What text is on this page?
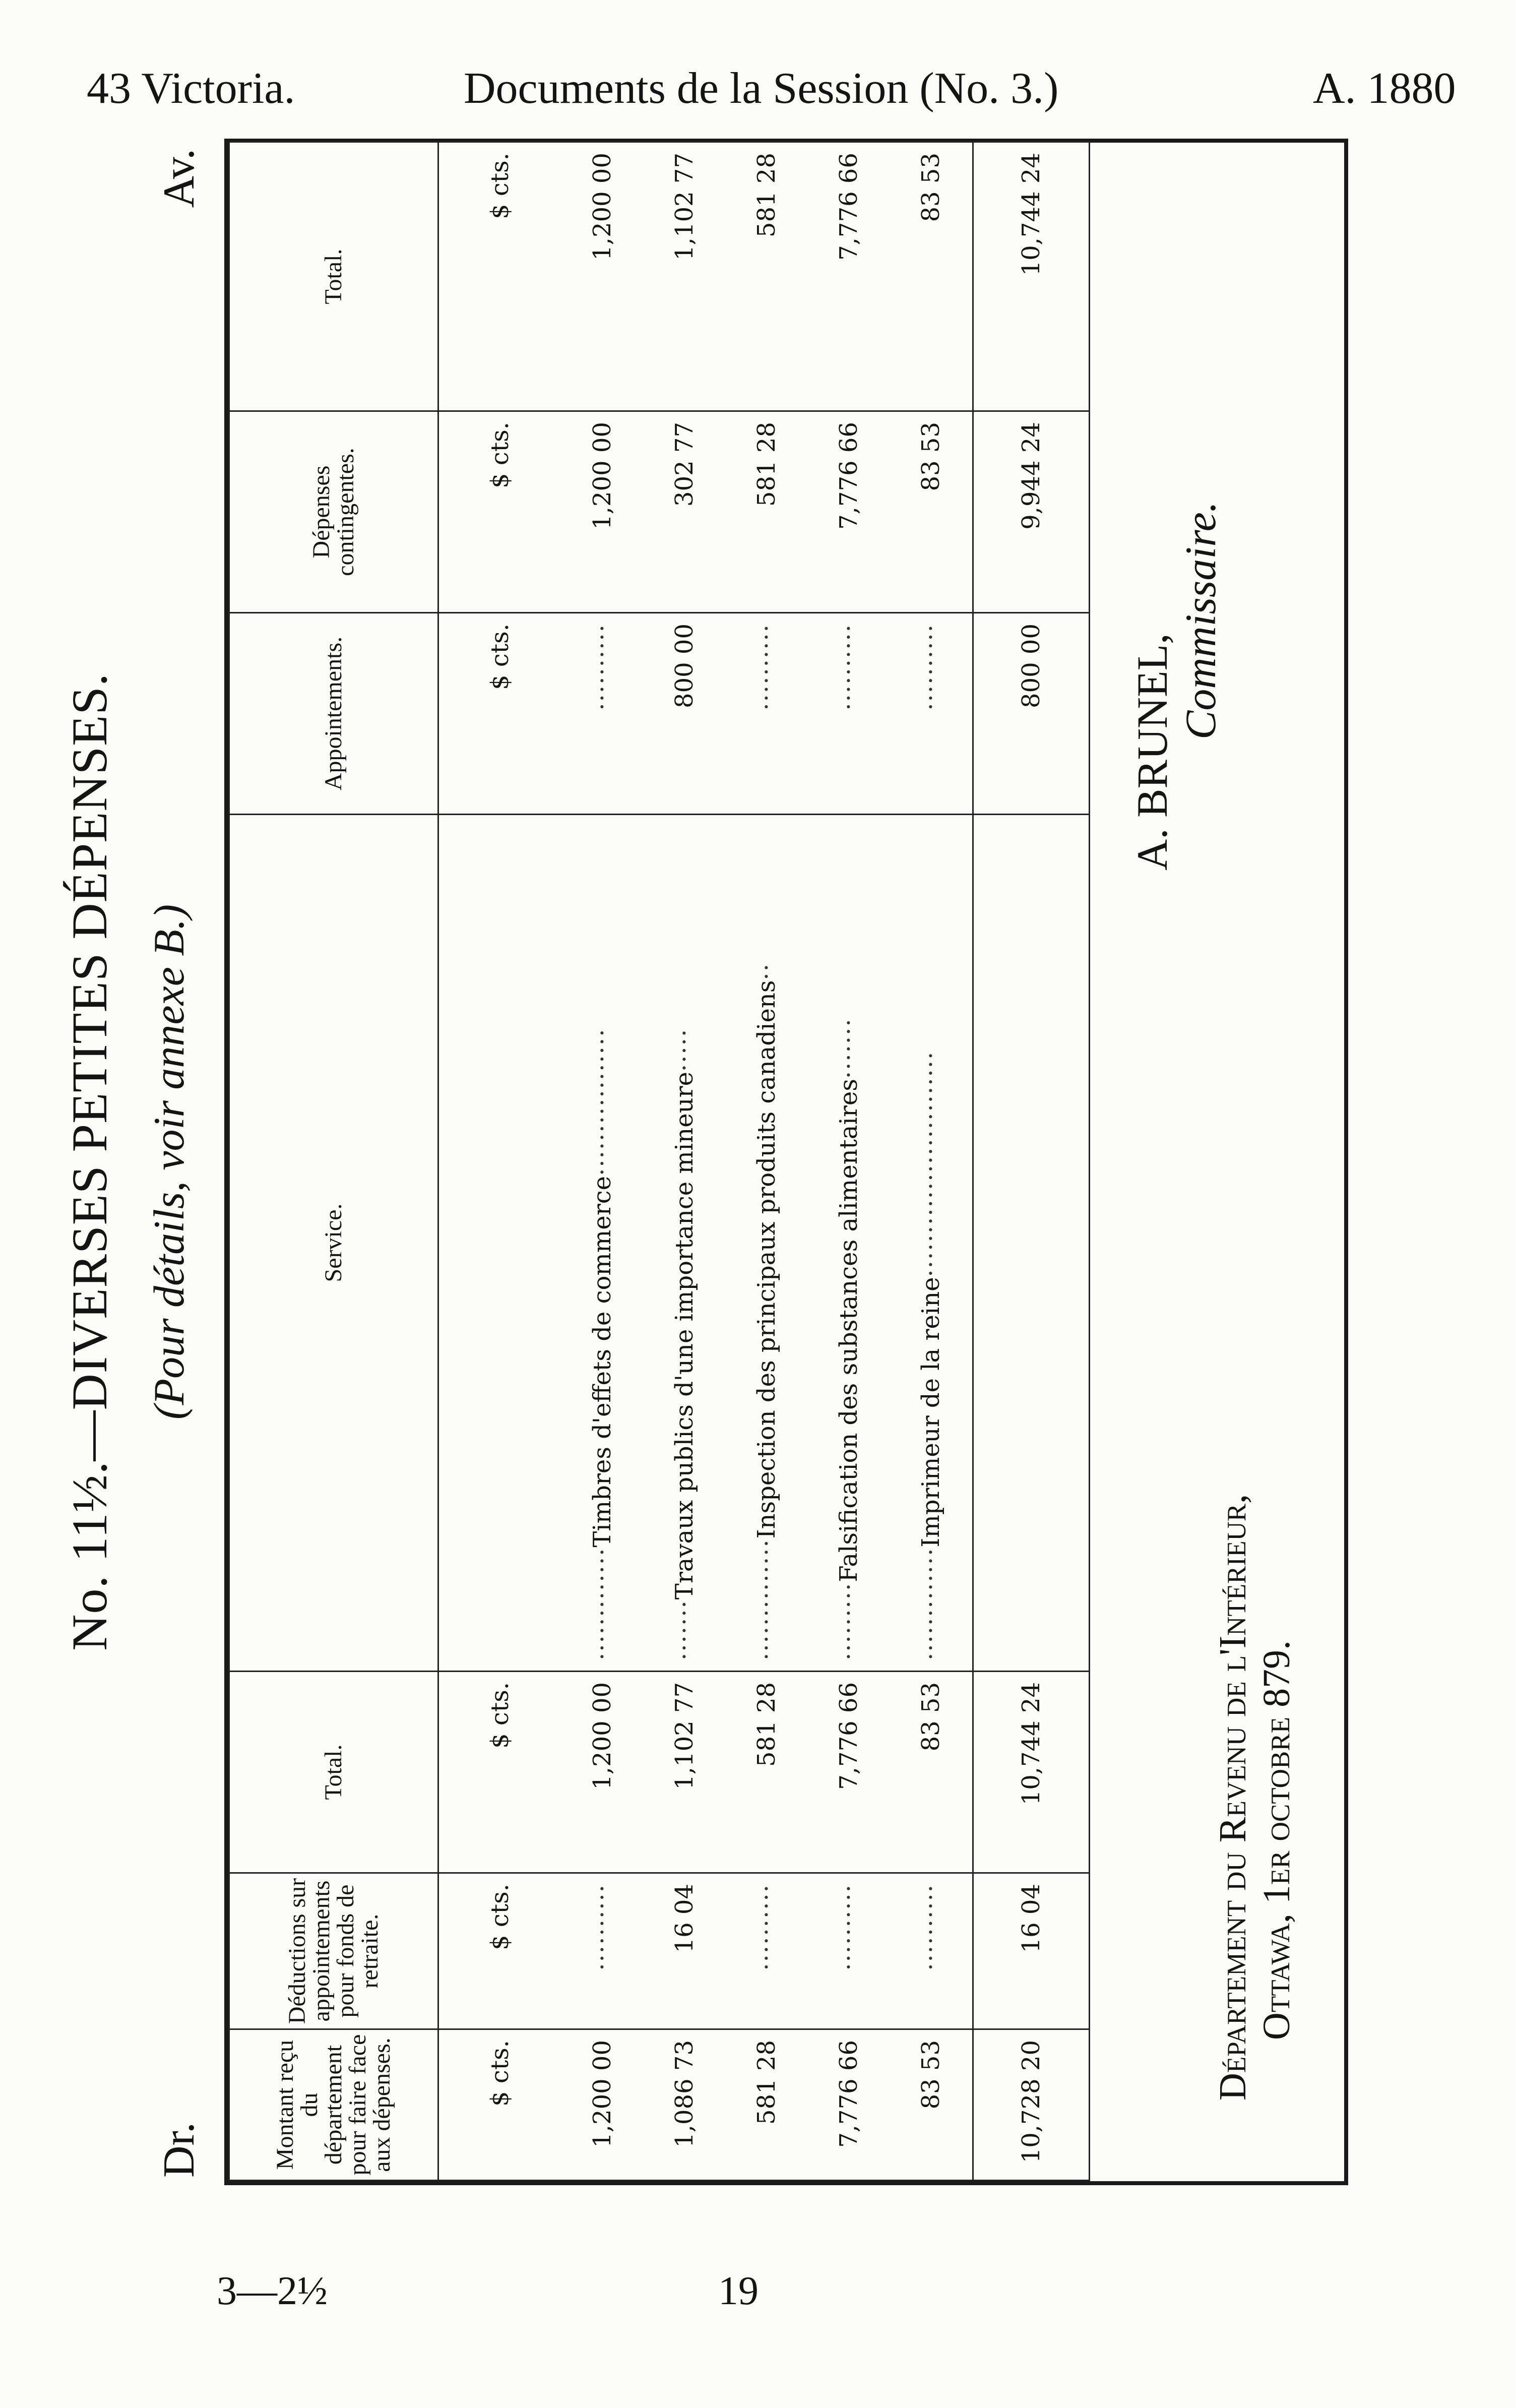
43 Victoria.	Documents de la Session (No. 3.)	A. 1880
No. 11½.—DIVERSES PETITES DÉPENSES. (Pour détails, voir annexe B.)
Dr.
Av.
Montant reçu du département pour faire face aux dépenses.	Déductions sur appointements pour fonds de retraite.	Total.	Service.	Appointements.	Dépenses contingentes.	Total.
$ cts.	$ cts.	$ cts.		$ cts.	$ cts.	$ cts.
1,200 00	··········	1,200 00	·············Timbres d'effets de commerce·················	··········	1,200 00	1,200 00
1,086 73	16 04	1,102 77	·······Travaux publics d'une importance mineure·····	800 00	302 77	1,102 77
581 28	··········	581 28	··············Inspection des principaux produits canadiens··	··········	581 28	581 28
7,776 66	··········	7,776 66	·········Falsification des substances alimentaires·······	··········	7,776 66	7,776 66
83 53	··········	83 53	·············Imprimeur de la reine··························	··········	83 53	83 53
10,728 20	16 04	10,744 24		800 00	9,944 24	10,744 24
A. BRUNEL,
Commissaire.
Département du Revenu de l'Intérieur, Ottawa, 1er octobre 879.
3—2½	19
